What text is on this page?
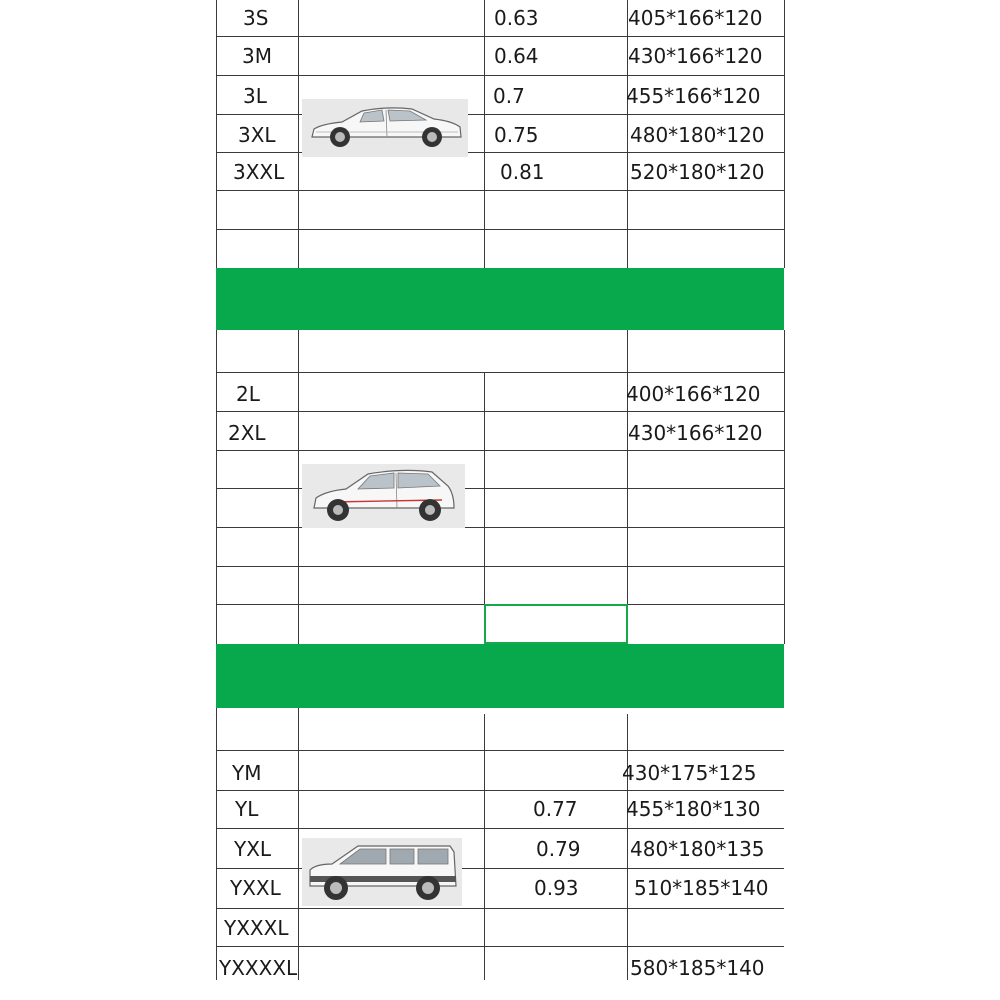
3S
3M
3L
3XL
3XXL
0.63
0.64
0.7
0.75
0.81
405*166*120
430*166*120
455*166*120
480*180*120
520*180*120
2L
2XL
400*166*120
430*166*120
YM
YL
YXL
YXXL
YXXXL
YXXXXL
0.77
0.79
0.93
430*175*125
455*180*130
480*180*135
510*185*140
580*185*140
